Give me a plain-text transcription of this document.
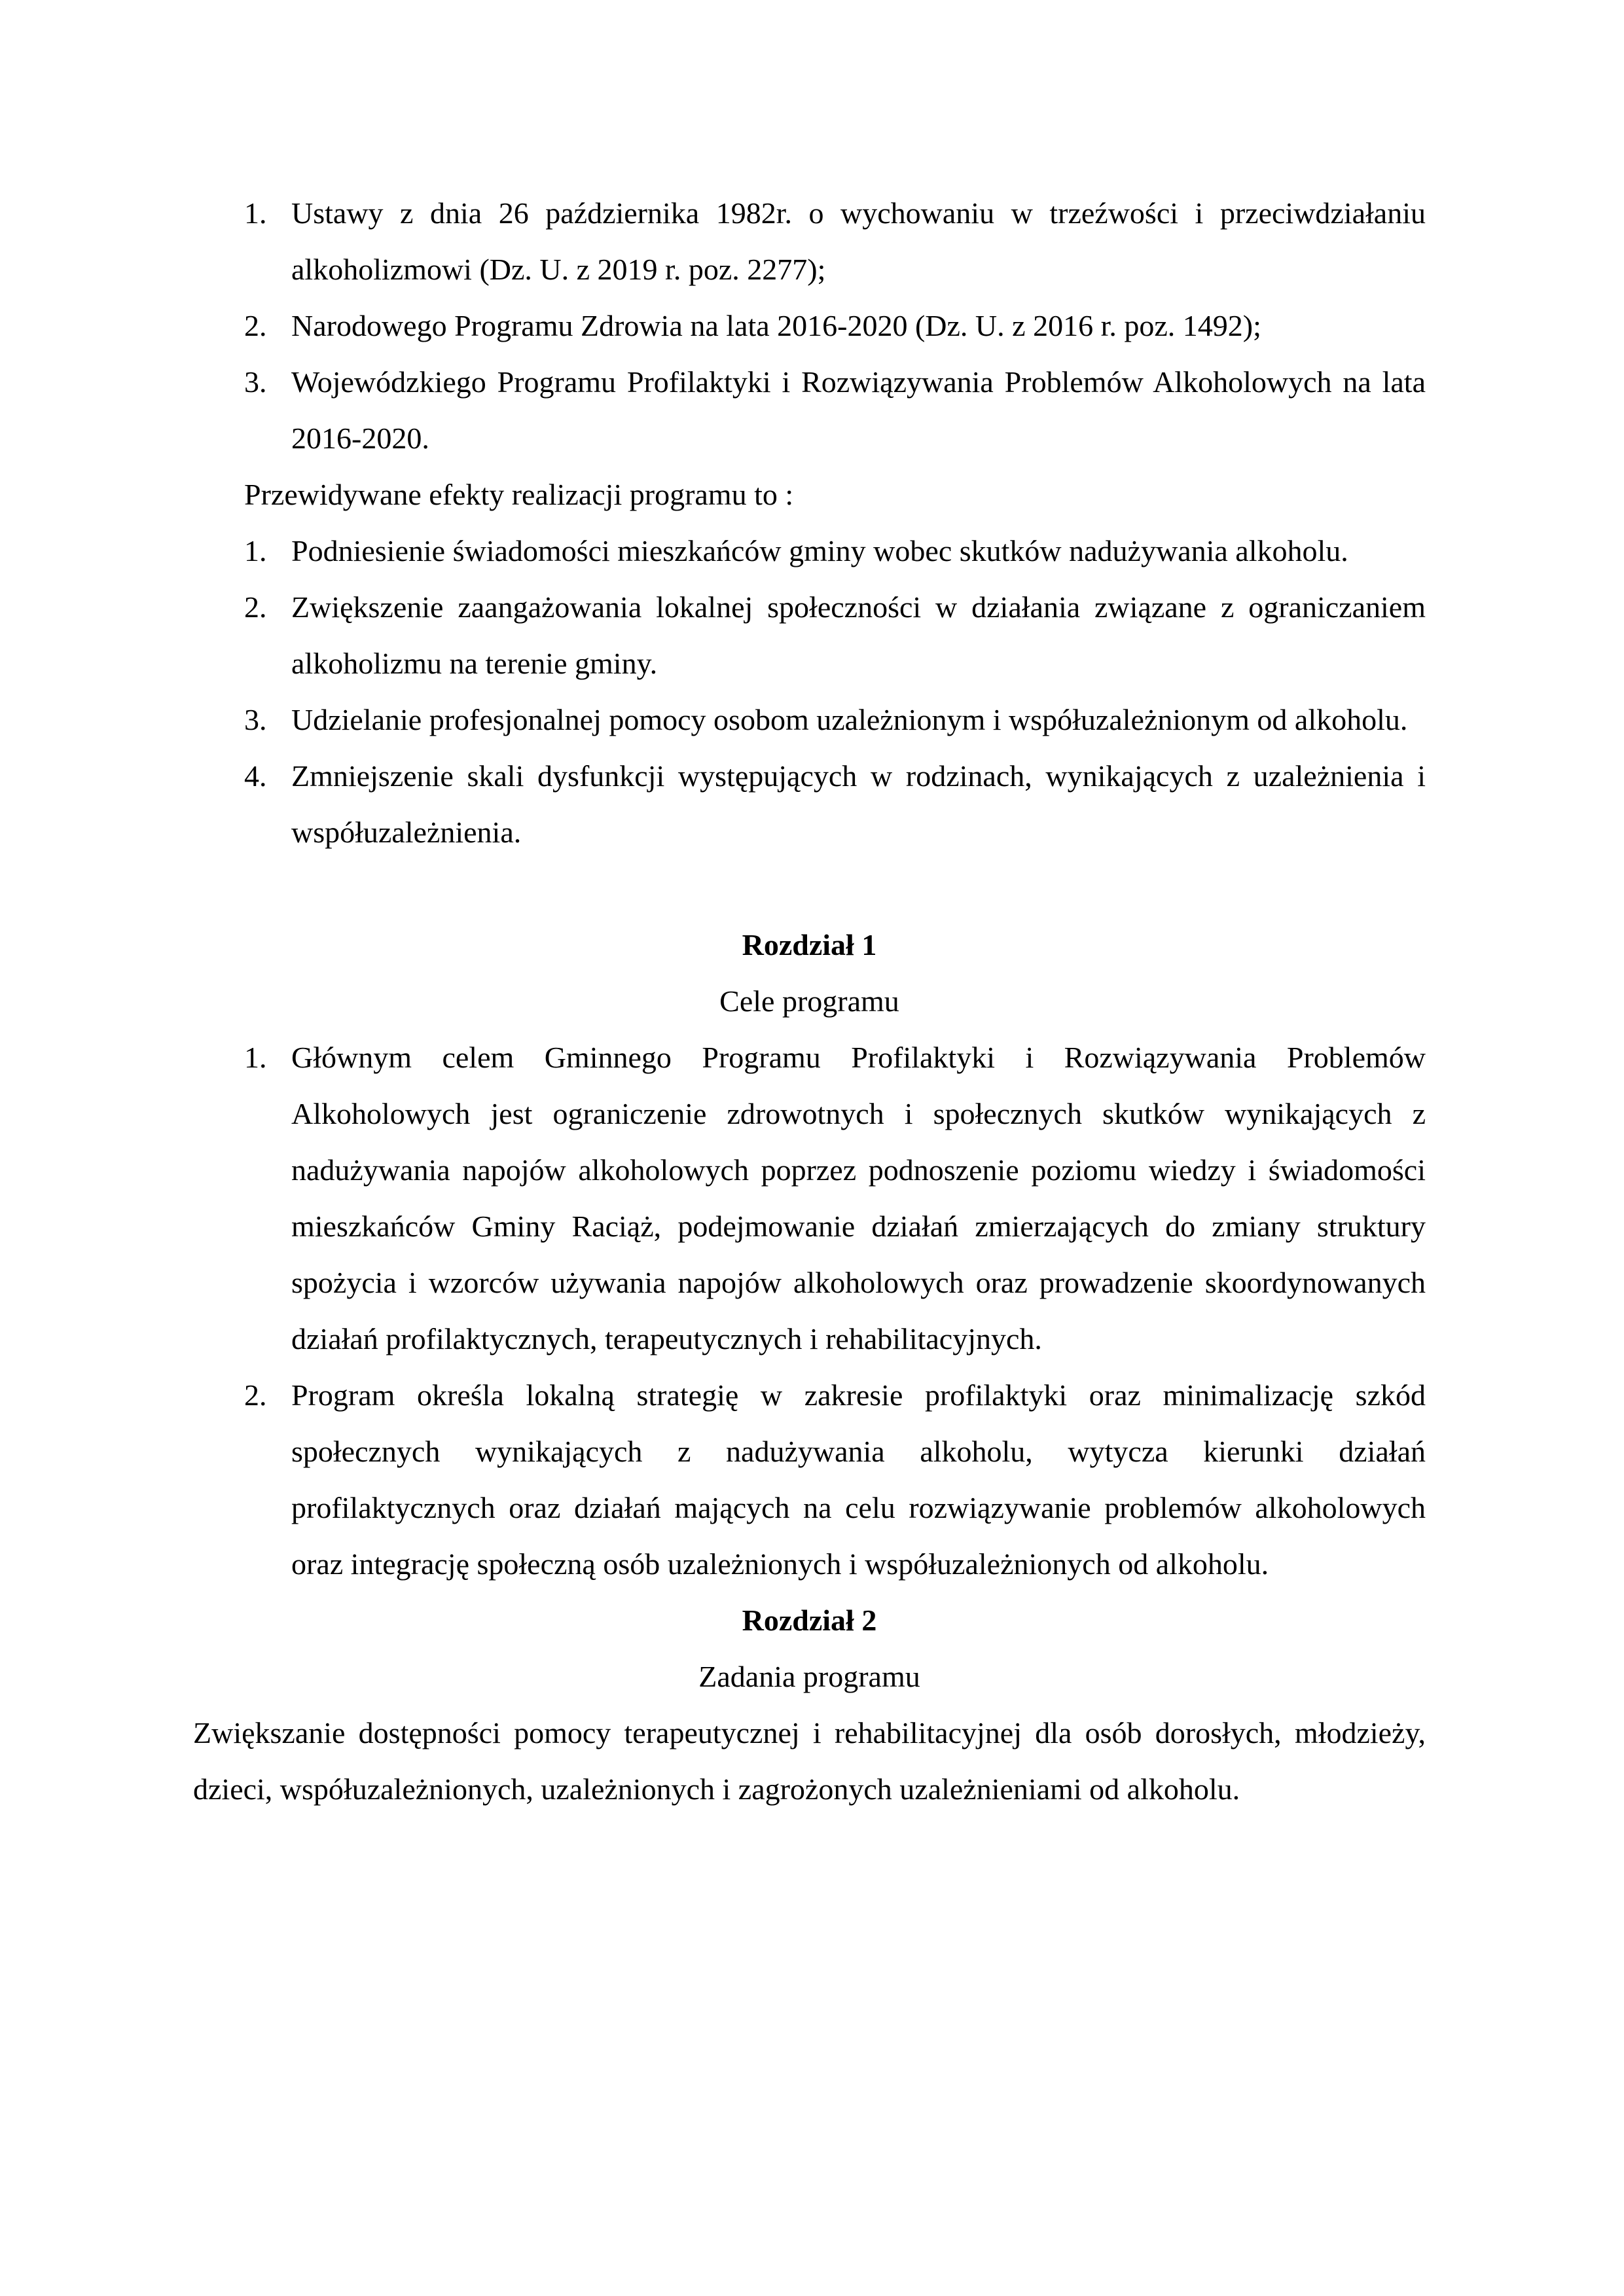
1. Ustawy z dnia 26 października 1982r. o wychowaniu w trzeźwości i przeciwdziałaniu alkoholizmowi (Dz. U. z 2019 r. poz. 2277);
2. Narodowego Programu Zdrowia na lata 2016-2020 (Dz. U. z 2016 r. poz. 1492);
3. Wojewódzkiego Programu Profilaktyki i Rozwiązywania Problemów Alkoholowych na lata 2016-2020.

Przewidywane efekty realizacji programu to :

1. Podniesienie świadomości mieszkańców gminy wobec skutków nadużywania alkoholu.
2. Zwiększenie zaangażowania lokalnej społeczności w działania związane z ograniczaniem alkoholizmu na terenie gminy.
3. Udzielanie profesjonalnej pomocy osobom uzależnionym i współuzależnionym od alkoholu.
4. Zmniejszenie skali dysfunkcji występujących w rodzinach, wynikających z uzależnienia i współuzależnienia.

Rozdział 1

Cele programu

1. Głównym celem Gminnego Programu Profilaktyki i Rozwiązywania Problemów Alkoholowych jest ograniczenie zdrowotnych i społecznych skutków wynikających z nadużywania napojów alkoholowych poprzez podnoszenie poziomu wiedzy i świadomości mieszkańców Gminy Raciąż, podejmowanie działań zmierzających do zmiany struktury spożycia i wzorców używania napojów alkoholowych oraz prowadzenie skoordynowanych działań profilaktycznych, terapeutycznych i rehabilitacyjnych.
2. Program określa lokalną strategię w zakresie profilaktyki oraz minimalizację szkód społecznych wynikających z nadużywania alkoholu, wytycza kierunki działań profilaktycznych oraz działań mających na celu rozwiązywanie problemów alkoholowych oraz integrację społeczną osób uzależnionych i współuzależnionych od alkoholu.

Rozdział 2

Zadania programu

Zwiększanie dostępności pomocy terapeutycznej i rehabilitacyjnej dla osób dorosłych, młodzieży, dzieci, współuzależnionych, uzależnionych i zagrożonych uzależnieniami od alkoholu.
